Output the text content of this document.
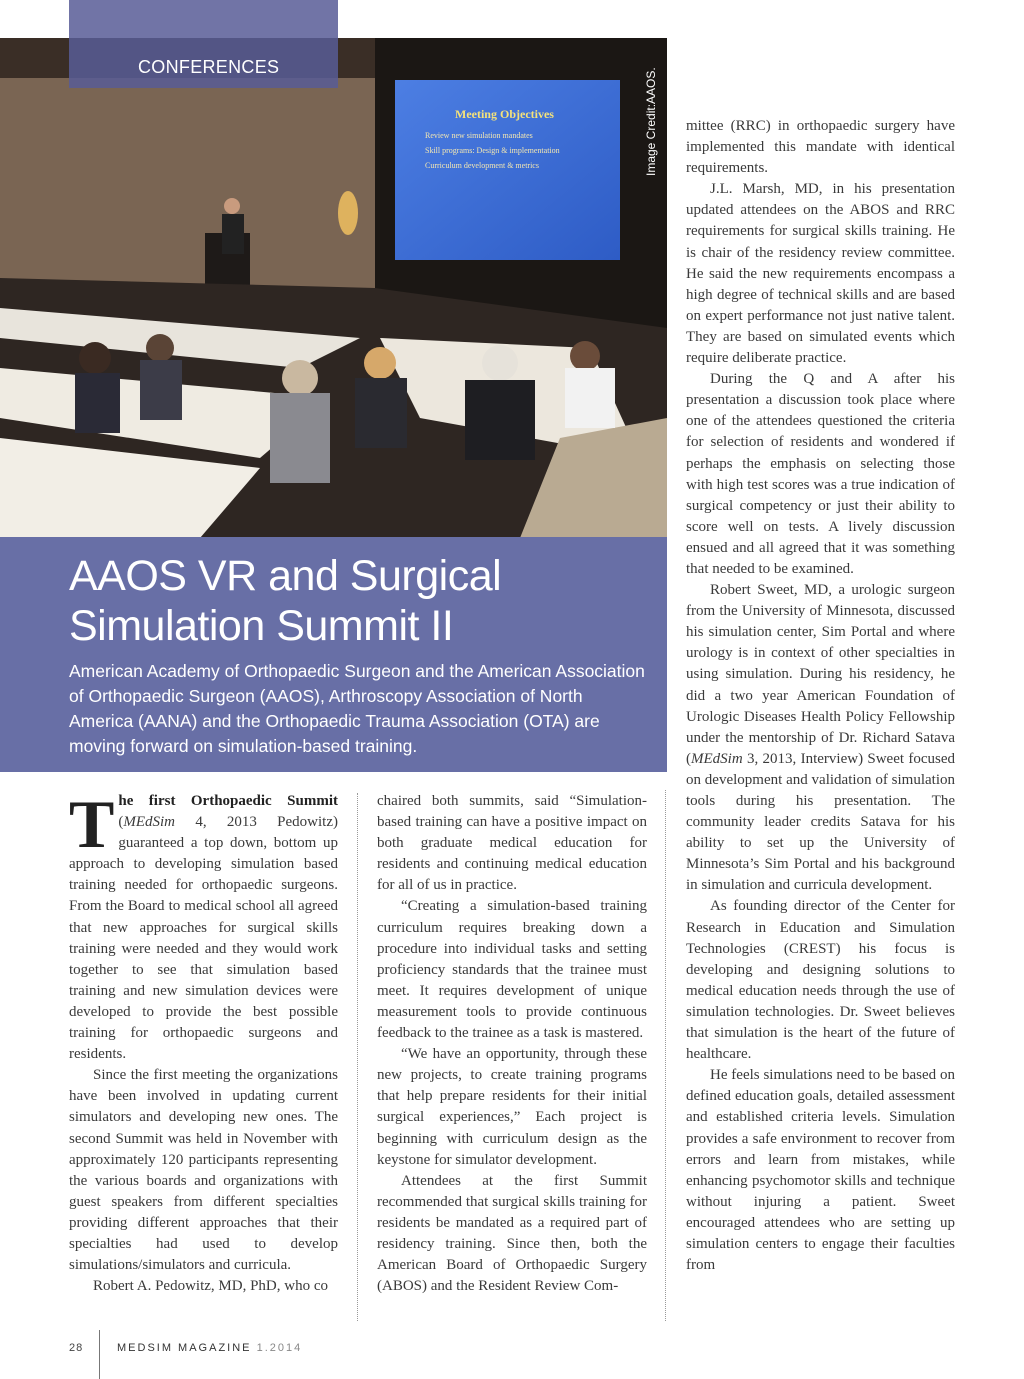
Meeting Objectives
Review new simulation mandates
Skill programs: Design & implementation
Curriculum development & metrics
CONFERENCES
Image Credit:AAOS.
AAOS VR and Surgical
Simulation Summit II

American Academy of Orthopaedic Surgeon and the American Association of Orthopaedic Surgeon (AAOS), Arthroscopy Association of North America (AANA) and the Orthopaedic Trauma Association (OTA) are moving forward on simulation-based training.

The first Orthopaedic Summit (MEdSim 4, 2013 Pedowitz) guaranteed a top down, bottom up approach to developing simulation based training needed for orthopaedic surgeons. From the Board to medical school all agreed that new approaches for surgical skills training were needed and they would work together to see that simulation based training and new simulation devices were developed to provide the best possible training for orthopaedic surgeons and residents.

Since the first meeting the organizations have been involved in updating current simulators and developing new ones. The second Summit was held in November with approximately 120 participants representing the various boards and organizations with guest speakers from different specialties providing different approaches that their specialties had used to develop simulations/simulators and curricula.

Robert A. Pedowitz, MD, PhD, who co

chaired both summits, said “Simulation-based training can have a positive impact on both graduate medical education for residents and continuing medical education for all of us in practice.

“Creating a simulation-based training curriculum requires breaking down a procedure into individual tasks and setting proficiency standards that the trainee must meet. It requires development of unique measurement tools to provide continuous feedback to the trainee as a task is mastered.

“We have an opportunity, through these new projects, to create training programs that help prepare residents for their initial surgical experiences,” Each project is beginning with curriculum design as the keystone for simulator development.

Attendees at the first Summit recommended that surgical skills training for residents be mandated as a required part of residency training. Since then, both the American Board of Orthopaedic Surgery (ABOS) and the Resident Review Com-

mittee (RRC) in orthopaedic surgery have implemented this mandate with identical requirements.

J.L. Marsh, MD, in his presentation updated attendees on the ABOS and RRC requirements for surgical skills training. He is chair of the residency review committee. He said the new requirements encompass a high degree of technical skills and are based on expert performance not just native talent. They are based on simulated events which require deliberate practice.

During the Q and A after his presentation a discussion took place where one of the attendees questioned the criteria for selection of residents and wondered if perhaps the emphasis on selecting those with high test scores was a true indication of surgical competency or just their ability to score well on tests. A lively discussion ensued and all agreed that it was something that needed to be examined.

Robert Sweet, MD, a urologic surgeon from the University of Minnesota, discussed his simulation center, Sim Portal and where urology is in context of other specialties in using simulation. During his residency, he did a two year American Foundation of Urologic Diseases Health Policy Fellowship under the mentorship of Dr. Richard Satava (MEdSim 3, 2013, Interview) Sweet focused on development and validation of simulation tools during his presentation. The community leader credits Satava for his ability to set up the University of Minnesota’s Sim Portal and his background in simulation and curricula development.

As founding director of the Center for Research in Education and Simulation Technologies (CREST) his focus is developing and designing solutions to medical education needs through the use of simulation technologies. Dr. Sweet believes that simulation is the heart of the future of healthcare.

He feels simulations need to be based on defined education goals, detailed assessment and established criteria levels. Simulation provides a safe environment to recover from errors and learn from mistakes, while enhancing psychomotor skills and technique without injuring a patient. Sweet encouraged attendees who are setting up simulation centers to engage their faculties from

28	MEDSIM MAGAZINE 1.2014
